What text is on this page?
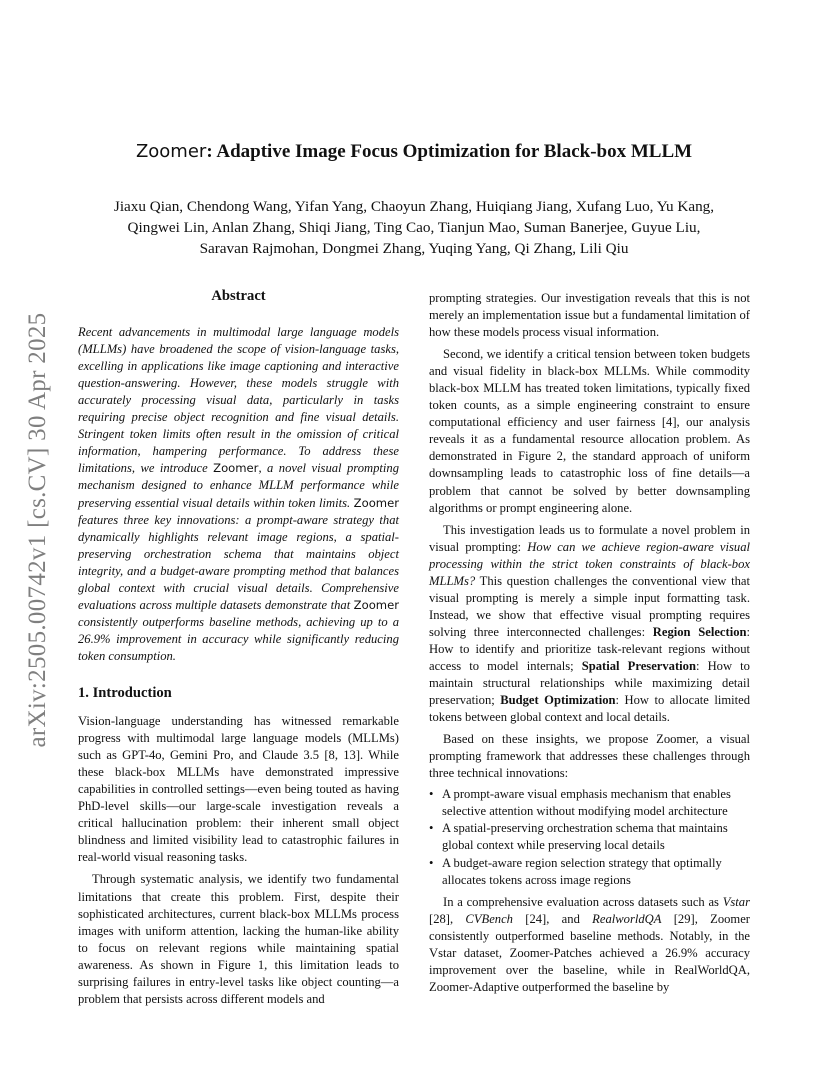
arXiv:2505.00742v1 [cs.CV] 30 Apr 2025
Zoomer: Adaptive Image Focus Optimization for Black-box MLLM
Jiaxu Qian, Chendong Wang, Yifan Yang, Chaoyun Zhang, Huiqiang Jiang, Xufang Luo, Yu Kang,
Qingwei Lin, Anlan Zhang, Shiqi Jiang, Ting Cao, Tianjun Mao, Suman Banerjee, Guyue Liu,
Saravan Rajmohan, Dongmei Zhang, Yuqing Yang, Qi Zhang, Lili Qiu
Abstract

Recent advancements in multimodal large language models (MLLMs) have broadened the scope of vision-language tasks, excelling in applications like image captioning and interactive question-answering. However, these models struggle with accurately processing visual data, particularly in tasks requiring precise object recognition and fine visual details. Stringent token limits often result in the omission of critical information, hampering performance. To address these limitations, we introduce Zoomer, a novel visual prompting mechanism designed to enhance MLLM performance while preserving essential visual details within token limits. Zoomer features three key innovations: a prompt-aware strategy that dynamically highlights relevant image regions, a spatial-preserving orchestration schema that maintains object integrity, and a budget-aware prompting method that balances global context with crucial visual details. Comprehensive evaluations across multiple datasets demonstrate that Zoomer consistently outperforms baseline methods, achieving up to a 26.9% improvement in accuracy while significantly reducing token consumption.

1. Introduction

Vision-language understanding has witnessed remarkable progress with multimodal large language models (MLLMs) such as GPT-4o, Gemini Pro, and Claude 3.5 [8, 13]. While these black-box MLLMs have demonstrated impressive capabilities in controlled settings—even being touted as having PhD-level skills—our large-scale investigation reveals a critical hallucination problem: their inherent small object blindness and limited visibility lead to catastrophic failures in real-world visual reasoning tasks.

Through systematic analysis, we identify two fundamental limitations that create this problem. First, despite their sophisticated architectures, current black-box MLLMs process images with uniform attention, lacking the human-like ability to focus on relevant regions while maintaining spatial awareness. As shown in Figure 1, this limitation leads to surprising failures in entry-level tasks like object counting—a problem that persists across different models and

prompting strategies. Our investigation reveals that this is not merely an implementation issue but a fundamental limitation of how these models process visual information.

Second, we identify a critical tension between token budgets and visual fidelity in black-box MLLMs. While commodity black-box MLLM has treated token limitations, typically fixed token counts, as a simple engineering constraint to ensure computational efficiency and user fairness [4], our analysis reveals it as a fundamental resource allocation problem. As demonstrated in Figure 2, the standard approach of uniform downsampling leads to catastrophic loss of fine details—a problem that cannot be solved by better downsampling algorithms or prompt engineering alone.

This investigation leads us to formulate a novel problem in visual prompting: How can we achieve region-aware visual processing within the strict token constraints of black-box MLLMs? This question challenges the conventional view that visual prompting is merely a simple input formatting task. Instead, we show that effective visual prompting requires solving three interconnected challenges: Region Selection: How to identify and prioritize task-relevant regions without access to model internals; Spatial Preservation: How to maintain structural relationships while maximizing detail preservation; Budget Optimization: How to allocate limited tokens between global context and local details.

Based on these insights, we propose Zoomer, a visual prompting framework that addresses these challenges through three technical innovations:

• A prompt-aware visual emphasis mechanism that enables selective attention without modifying model architecture
• A spatial-preserving orchestration schema that maintains global context while preserving local details
• A budget-aware region selection strategy that optimally allocates tokens across image regions

In a comprehensive evaluation across datasets such as Vstar [28], CVBench [24], and RealworldQA [29], Zoomer consistently outperformed baseline methods. Notably, in the Vstar dataset, Zoomer-Patches achieved a 26.9% accuracy improvement over the baseline, while in RealWorldQA, Zoomer-Adaptive outperformed the baseline by
